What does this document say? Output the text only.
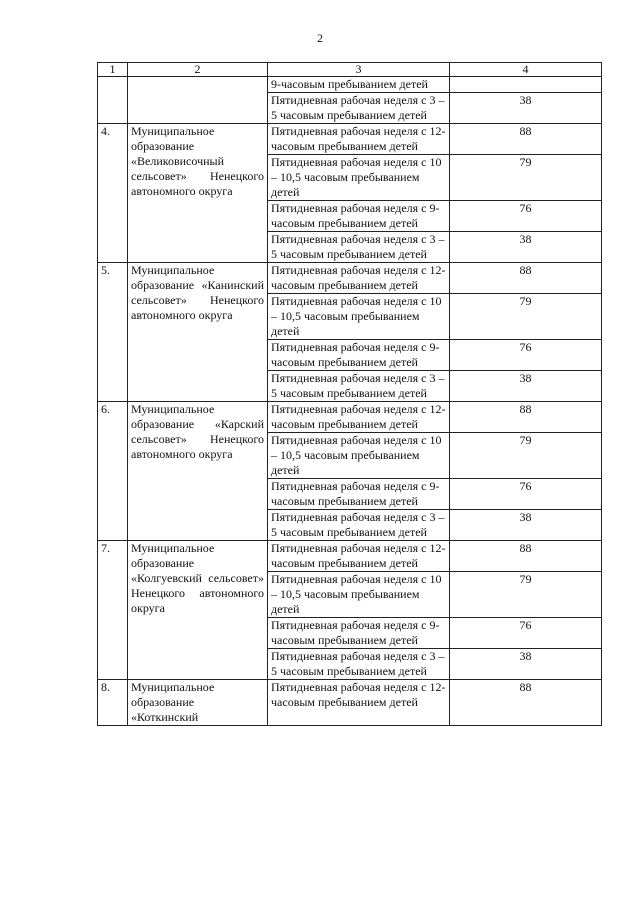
2
1	2	3	4
		9-часовым пребыванием детей	
		Пятидневная рабочая неделя с 3 – 5 часовым пребыванием детей	38
4.	Муниципальное образование «Великовисочный сельсовет» Ненецкого автономного округа	Пятидневная рабочая неделя с 12-часовым пребыванием детей	88
		Пятидневная рабочая неделя с 10 – 10,5 часовым пребыванием детей	79
		Пятидневная рабочая неделя с 9-часовым пребыванием детей	76
		Пятидневная рабочая неделя с 3 – 5 часовым пребыванием детей	38
5.	Муниципальное образование «Канинский сельсовет» Ненецкого автономного округа	Пятидневная рабочая неделя с 12-часовым пребыванием детей	88
		Пятидневная рабочая неделя с 10 – 10,5 часовым пребыванием детей	79
		Пятидневная рабочая неделя с 9-часовым пребыванием детей	76
		Пятидневная рабочая неделя с 3 – 5 часовым пребыванием детей	38
6.	Муниципальное образование «Карский сельсовет» Ненецкого автономного округа	Пятидневная рабочая неделя с 12-часовым пребыванием детей	88
		Пятидневная рабочая неделя с 10 – 10,5 часовым пребыванием детей	79
		Пятидневная рабочая неделя с 9-часовым пребыванием детей	76
		Пятидневная рабочая неделя с 3 – 5 часовым пребыванием детей	38
7.	Муниципальное образование «Колгуевский сельсовет» Ненецкого автономного округа	Пятидневная рабочая неделя с 12-часовым пребыванием детей	88
		Пятидневная рабочая неделя с 10 – 10,5 часовым пребыванием детей	79
		Пятидневная рабочая неделя с 9-часовым пребыванием детей	76
		Пятидневная рабочая неделя с 3 – 5 часовым пребыванием детей	38
8.	Муниципальное образование «Коткинский	Пятидневная рабочая неделя с 12-часовым пребыванием детей	88
